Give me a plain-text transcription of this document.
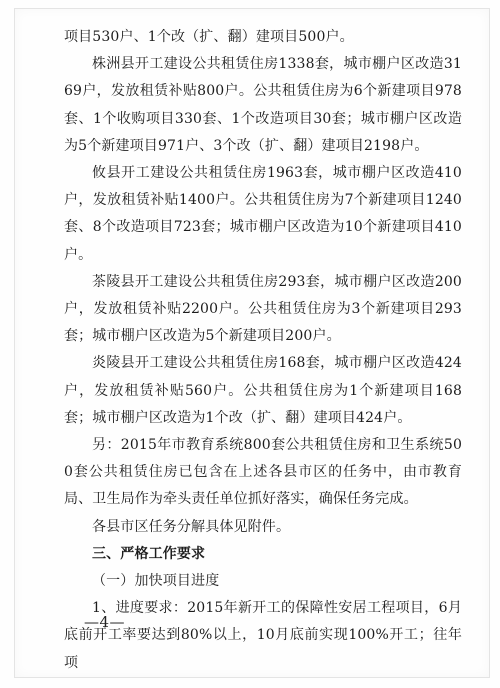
项目530户、1个改（扩、翻）建项目500户。

株洲县开工建设公共租赁住房1338套，城市棚户区改造3169户，发放租赁补贴800户。公共租赁住房为6个新建项目978套、1个收购项目330套、1个改造项目30套；城市棚户区改造为5个新建项目971户、3个改（扩、翻）建项目2198户。

攸县开工建设公共租赁住房1963套，城市棚户区改造410户，发放租赁补贴1400户。公共租赁住房为7个新建项目1240套、8个改造项目723套；城市棚户区改造为10个新建项目410户。

茶陵县开工建设公共租赁住房293套，城市棚户区改造200户，发放租赁补贴2200户。公共租赁住房为3个新建项目293套；城市棚户区改造为5个新建项目200户。

炎陵县开工建设公共租赁住房168套，城市棚户区改造424户，发放租赁补贴560户。公共租赁住房为1个新建项目168套；城市棚户区改造为1个改（扩、翻）建项目424户。

另：2015年市教育系统800套公共租赁住房和卫生系统500套公共租赁住房已包含在上述各县市区的任务中，由市教育局、卫生局作为牵头责任单位抓好落实，确保任务完成。

各县市区任务分解具体见附件。

三、严格工作要求

（一）加快项目进度

1、进度要求：2015年新开工的保障性安居工程项目，6月底前开工率要达到80%以上，10月底前实现100%开工；往年项

—4—
